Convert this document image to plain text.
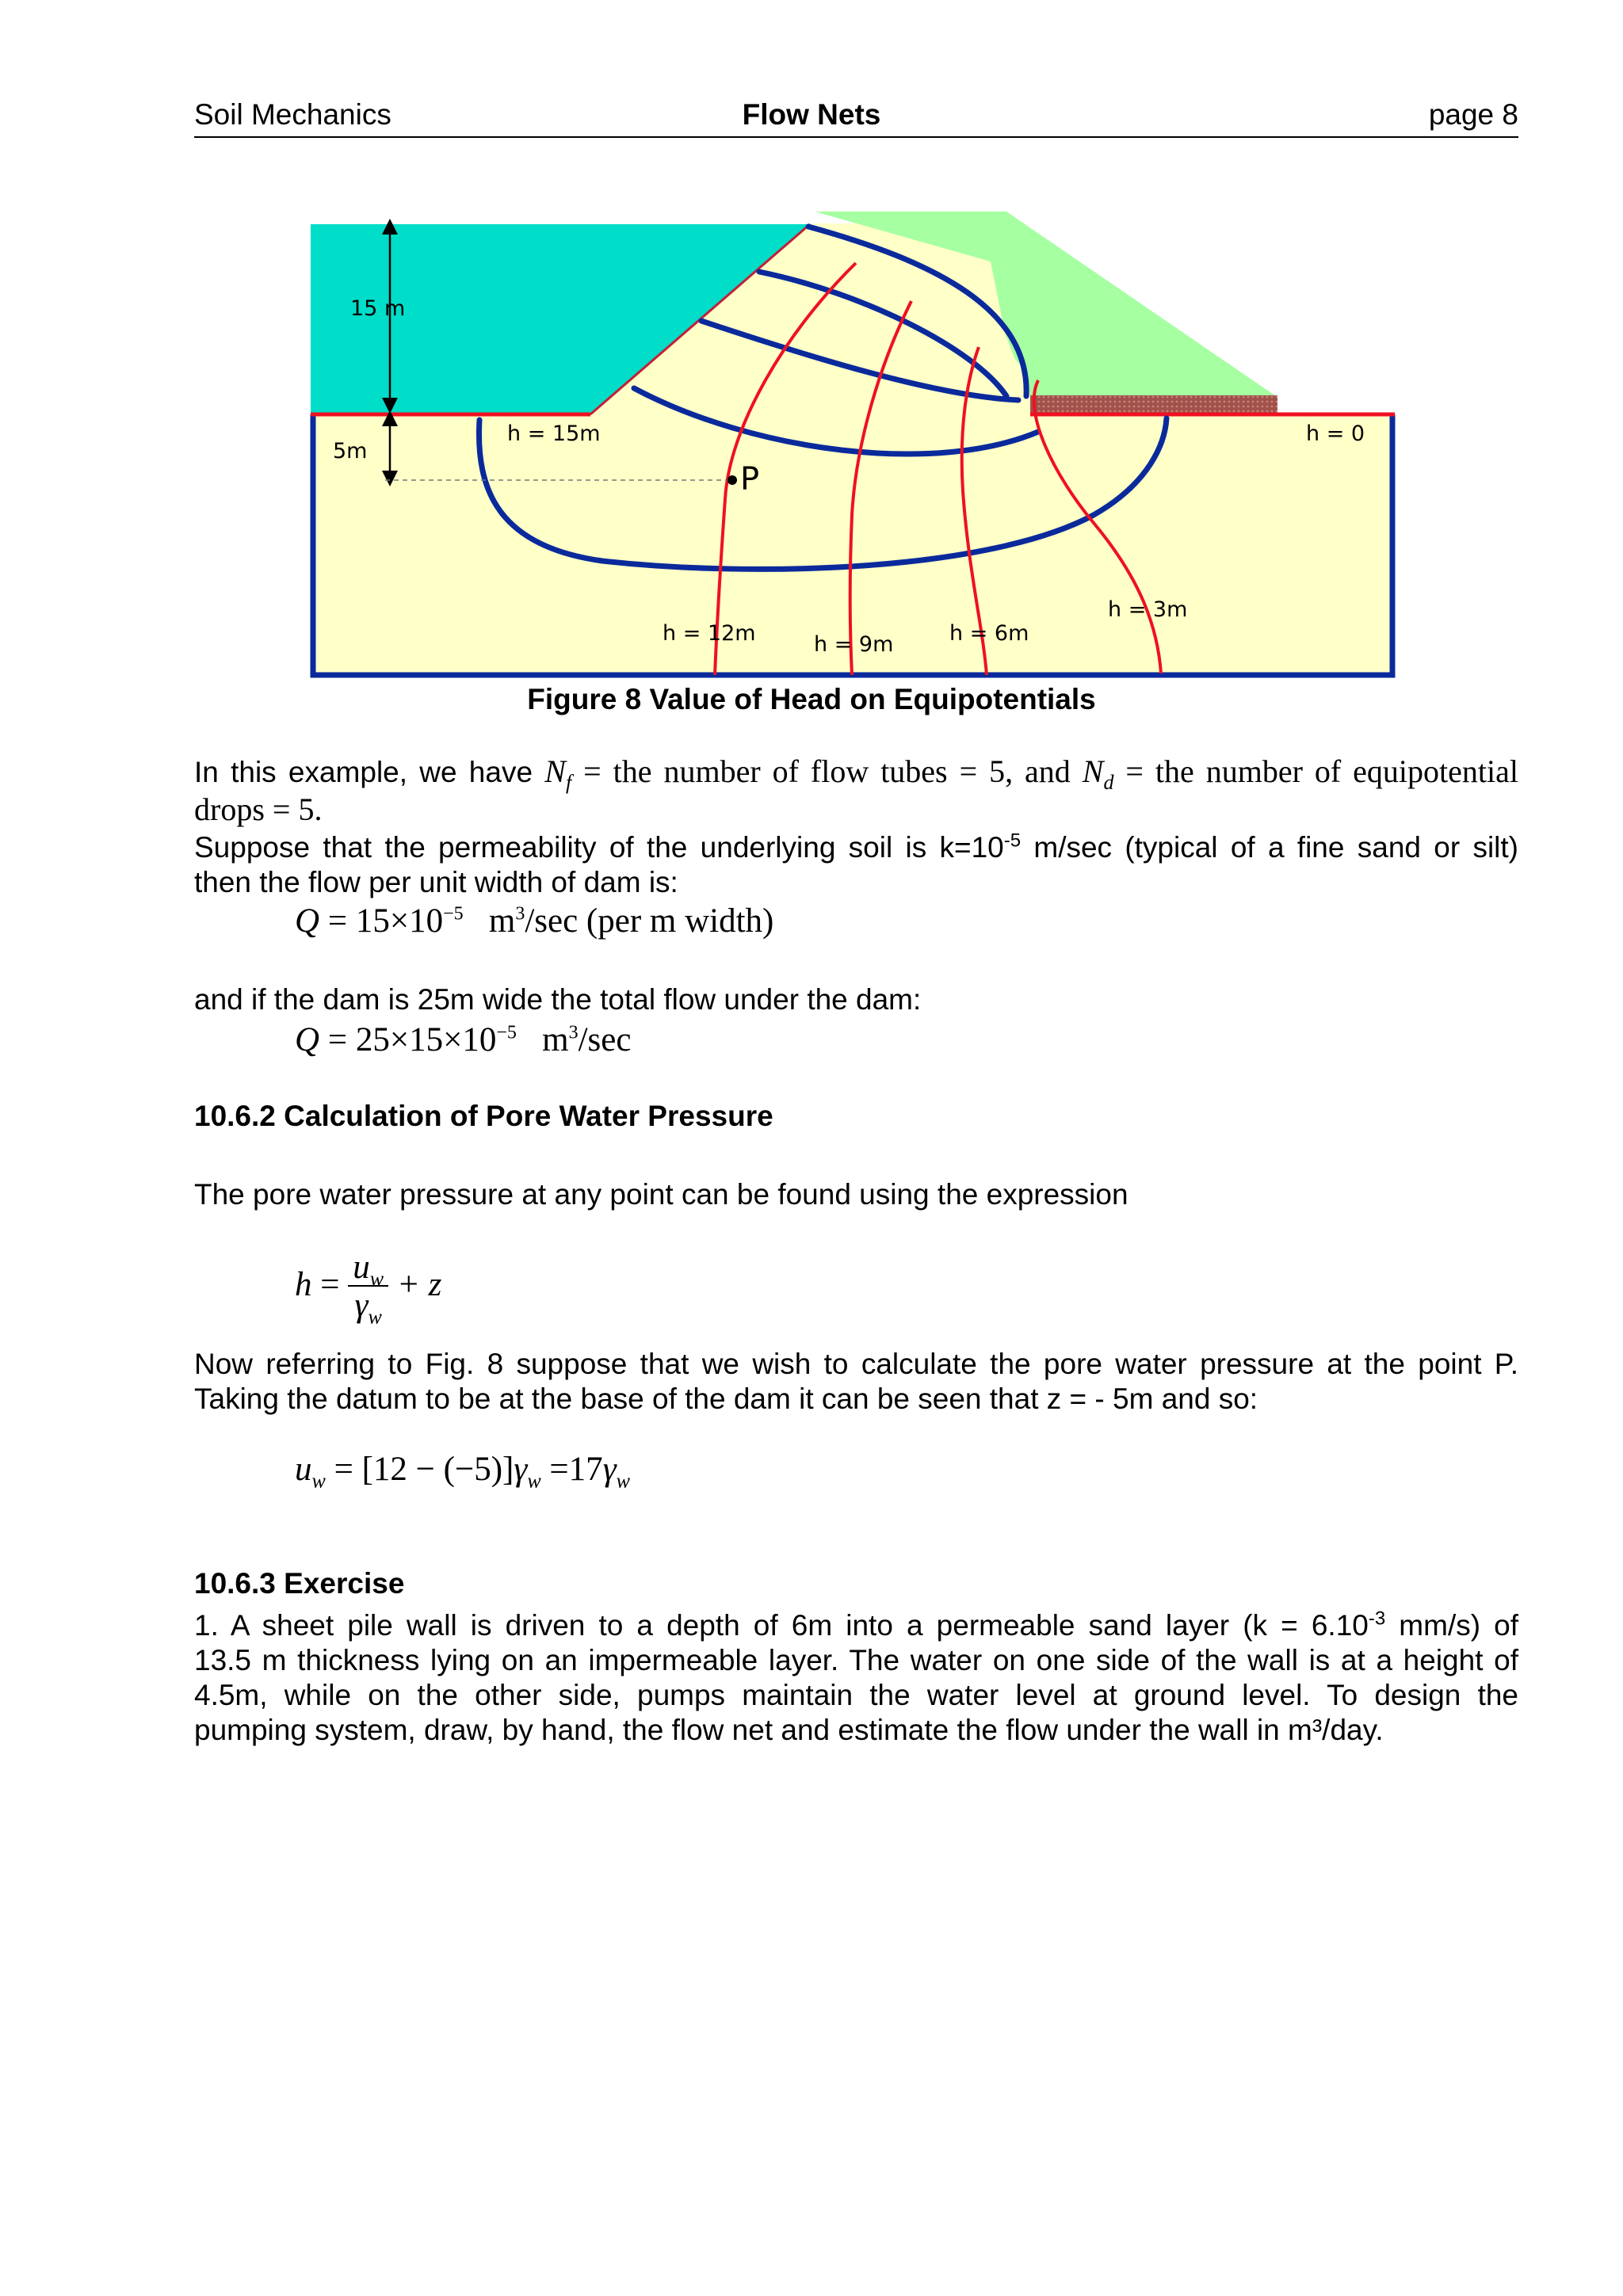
Soil Mechanics	Flow Nets	page 8
15 m
5m
h = 15m	h = 0
h = 12m	h = 9m	h = 6m
h = 3m
P
Figure 8 Value of Head on Equipotentials
In this example, we have $N_f$ = the number of flow tubes = 5, and $N_d$ = the number of equipotential
drops = 5.
Suppose that the permeability of the underlying soil is $k=10^{-5}$ m/sec (typical of a fine sand or silt)
then the flow per unit width of dam is:
$Q = 15\times 10^{-5}$ $m^3/\sec$ (per m width)
and if the dam is 25m wide the total flow under the dam:
$Q = 25\times 15\times 10^{-5}$ $m^3/\sec$
10.6.2 Calculation of Pore Water Pressure
The pore water pressure at any point can be found using the expression
$h = \frac{u_w}{\gamma_w} + z$
Now referring to Fig. 8 suppose that we wish to calculate the pore water pressure at the point P.
Taking the datum to be at the base of the dam it can be seen that z = - 5m and so:
$u_w = [12 - (-5)]\gamma_w =17\gamma_w$
10.6.3 Exercise
1. A sheet pile wall is driven to a depth of 6m into a permeable sand layer ($k = 6.10^{-3}$ mm/s) of
13.5 m thickness lying on an impermeable layer. The water on one side of the wall is at a height of
4.5m, while on the other side, pumps maintain the water level at ground level. To design the
pumping system, draw, by hand, the flow net and estimate the flow under the wall in m³/day.
